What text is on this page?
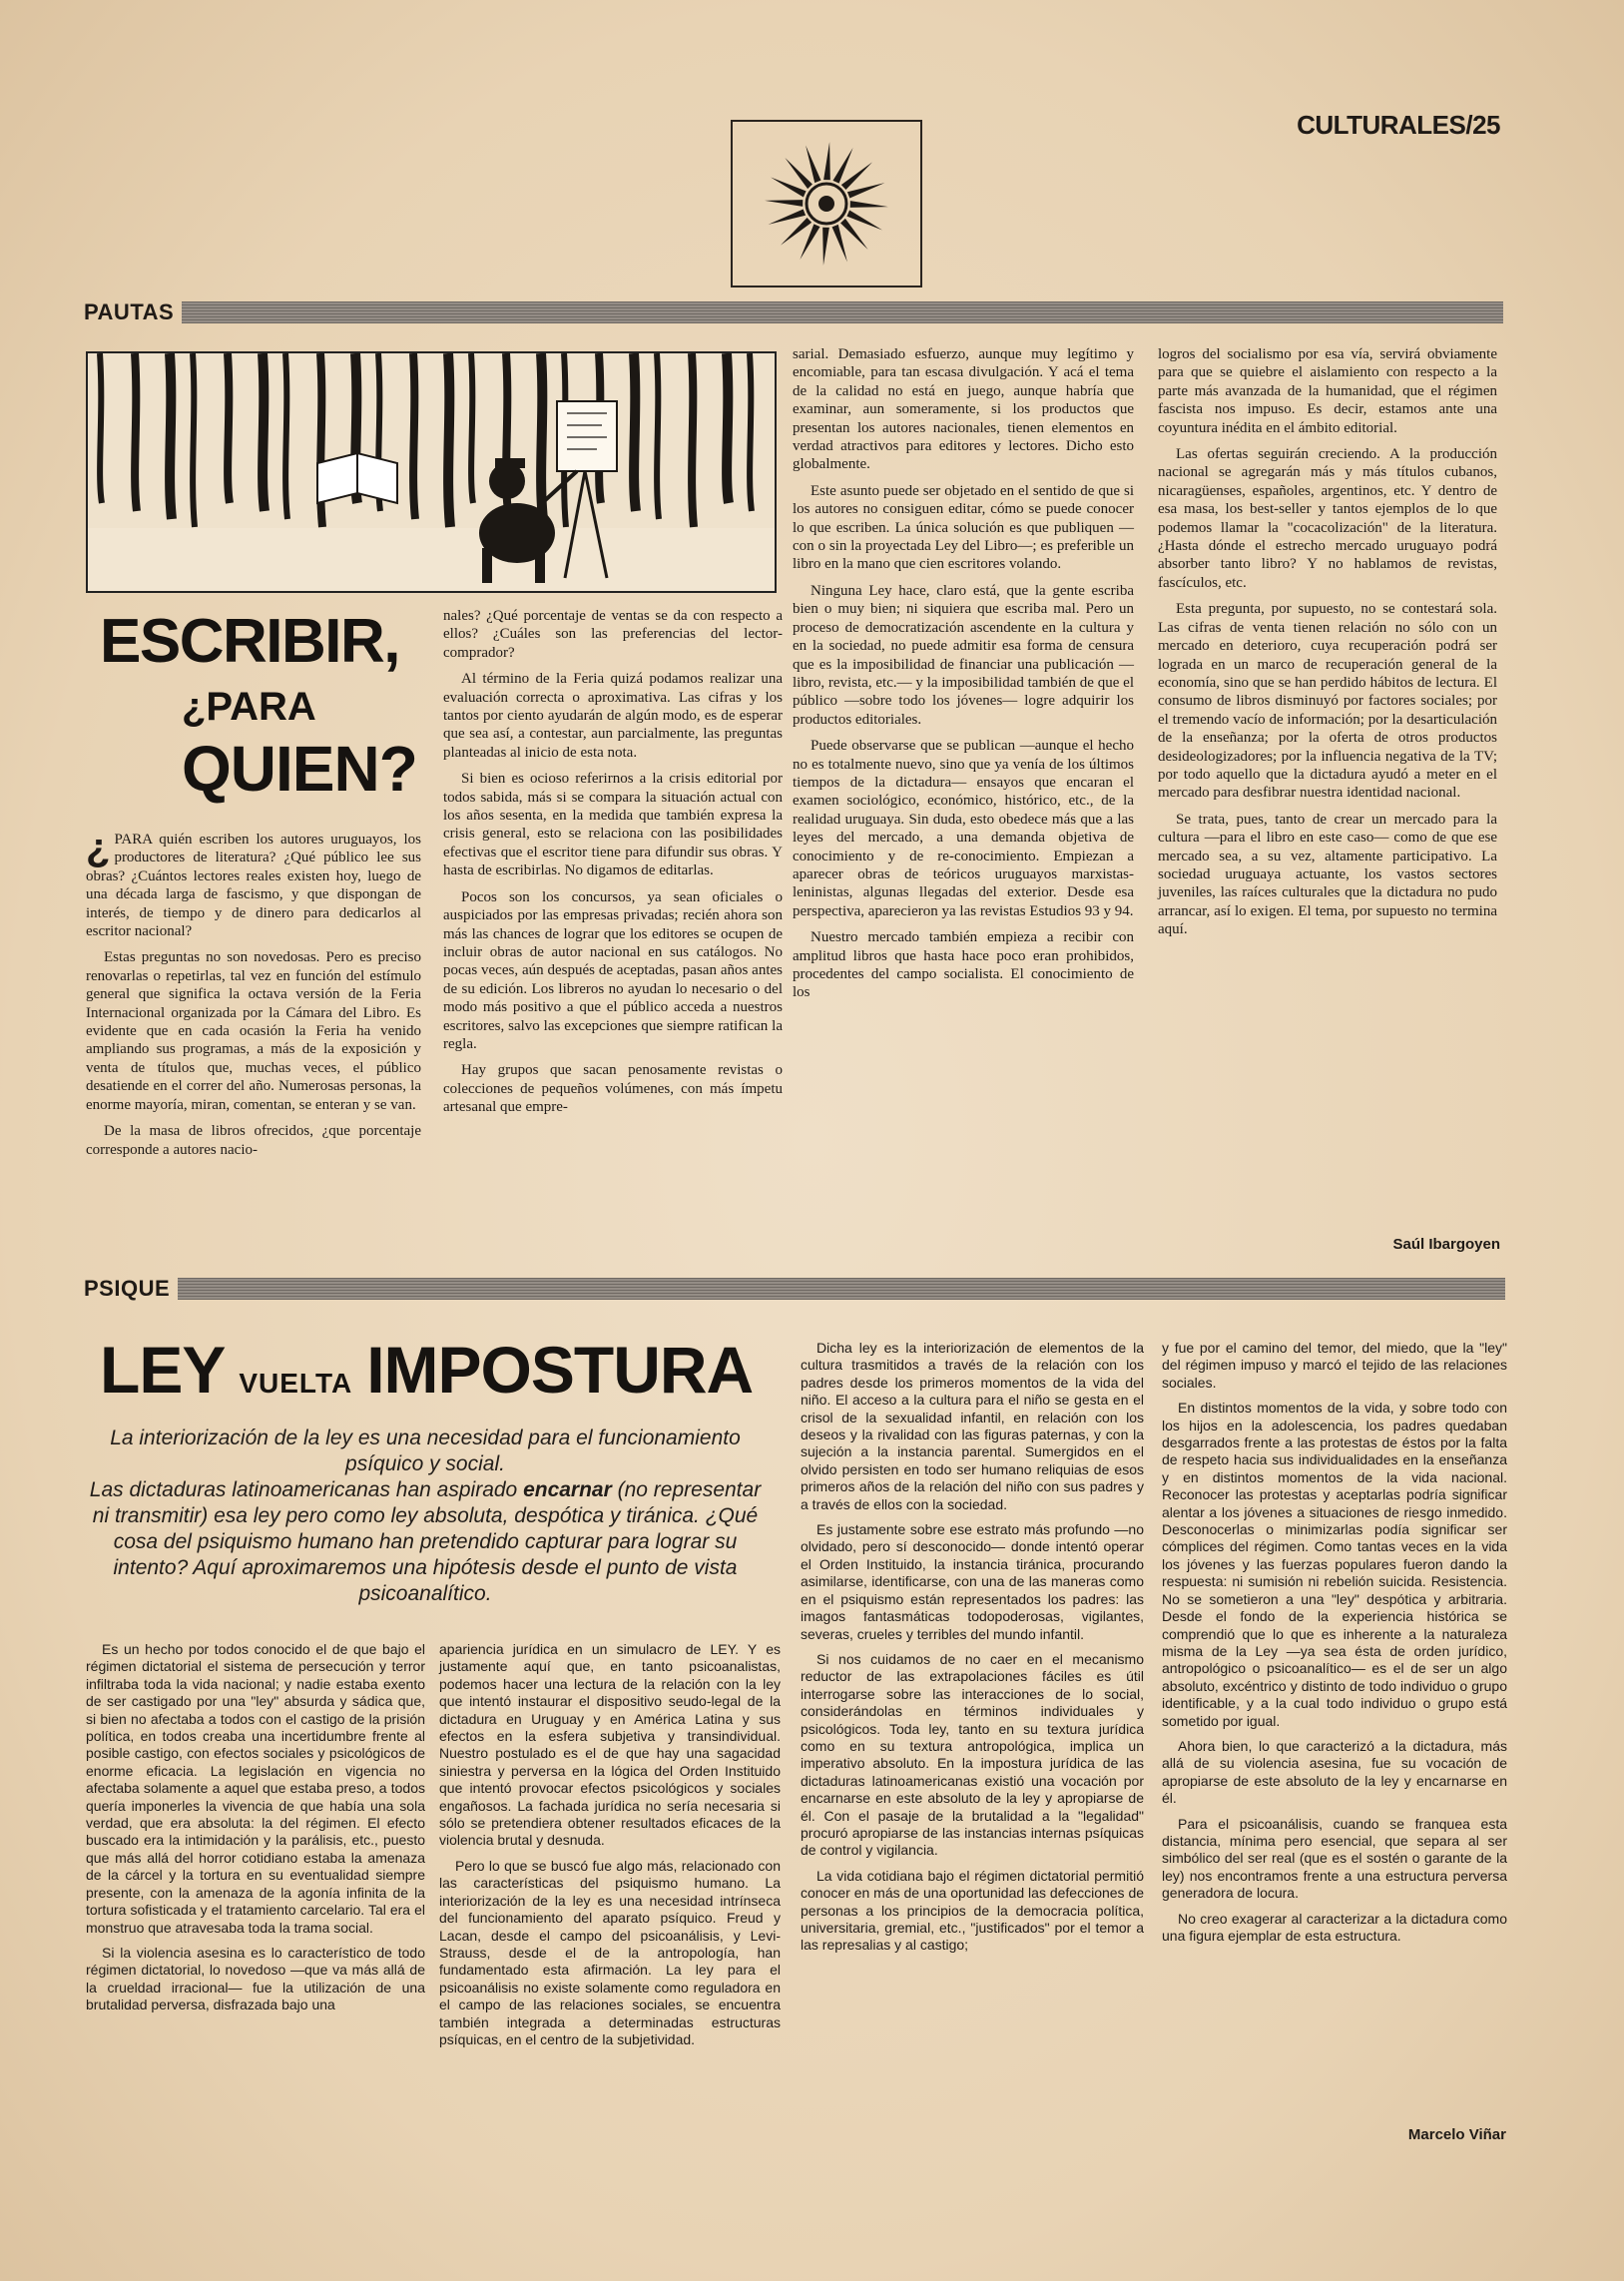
CULTURALES/25
PAUTAS
ESCRIBIR,
¿PARA
QUIEN?

¿ PARA quién escriben los autores uruguayos, los productores de literatura? ¿Qué público lee sus obras? ¿Cuántos lectores reales existen hoy, luego de una década larga de fascismo, y que dispongan de interés, de tiempo y de dinero para dedicarlos al escritor nacional?

Estas preguntas no son novedosas. Pero es preciso renovarlas o repetirlas, tal vez en función del estímulo general que significa la octava versión de la Feria Internacional organizada por la Cámara del Libro. Es evidente que en cada ocasión la Feria ha venido ampliando sus programas, a más de la exposición y venta de títulos que, muchas veces, el público desatiende en el correr del año. Numerosas personas, la enorme mayoría, miran, comentan, se enteran y se van.

De la masa de libros ofrecidos, ¿que porcentaje corresponde a autores nacio-

nales? ¿Qué porcentaje de ventas se da con respecto a ellos? ¿Cuáles son las preferencias del lector-comprador?

Al término de la Feria quizá podamos realizar una evaluación correcta o aproximativa. Las cifras y los tantos por ciento ayudarán de algún modo, es de esperar que sea así, a contestar, aun parcialmente, las preguntas planteadas al inicio de esta nota.

Si bien es ocioso referirnos a la crisis editorial por todos sabida, más si se compara la situación actual con los años sesenta, en la medida que también expresa la crisis general, esto se relaciona con las posibilidades efectivas que el escritor tiene para difundir sus obras. Y hasta de escribirlas. No digamos de editarlas.

Pocos son los concursos, ya sean oficiales o auspiciados por las empresas privadas; recién ahora son más las chances de lograr que los editores se ocupen de incluir obras de autor nacional en sus catálogos. No pocas veces, aún después de aceptadas, pasan años antes de su edición. Los libreros no ayudan lo necesario o del modo más positivo a que el público acceda a nuestros escritores, salvo las excepciones que siempre ratifican la regla.

Hay grupos que sacan penosamente revistas o colecciones de pequeños volúmenes, con más ímpetu artesanal que empre-

sarial. Demasiado esfuerzo, aunque muy legítimo y encomiable, para tan escasa divulgación. Y acá el tema de la calidad no está en juego, aunque habría que examinar, aun someramente, si los productos que presentan los autores nacionales, tienen elementos en verdad atractivos para editores y lectores. Dicho esto globalmente.

Este asunto puede ser objetado en el sentido de que si los autores no consiguen editar, cómo se puede conocer lo que escriben. La única solución es que publiquen —con o sin la proyectada Ley del Libro—; es preferible un libro en la mano que cien escritores volando.

Ninguna Ley hace, claro está, que la gente escriba bien o muy bien; ni siquiera que escriba mal. Pero un proceso de democratización ascendente en la cultura y en la sociedad, no puede admitir esa forma de censura que es la imposibilidad de financiar una publicación —libro, revista, etc.— y la imposibilidad también de que el público —sobre todo los jóvenes— logre adquirir los productos editoriales.

Puede observarse que se publican —aunque el hecho no es totalmente nuevo, sino que ya venía de los últimos tiempos de la dictadura— ensayos que encaran el examen sociológico, económico, histórico, etc., de la realidad uruguaya. Sin duda, esto obedece más que a las leyes del mercado, a una demanda objetiva de conocimiento y de re-conocimiento. Empiezan a aparecer obras de teóricos uruguayos marxistas-leninistas, algunas llegadas del exterior. Desde esa perspectiva, aparecieron ya las revistas Estudios 93 y 94.

Nuestro mercado también empieza a recibir con amplitud libros que hasta hace poco eran prohibidos, procedentes del campo socialista. El conocimiento de los

logros del socialismo por esa vía, servirá obviamente para que se quiebre el aislamiento con respecto a la parte más avanzada de la humanidad, que el régimen fascista nos impuso. Es decir, estamos ante una coyuntura inédita en el ámbito editorial.

Las ofertas seguirán creciendo. A la producción nacional se agregarán más y más títulos cubanos, nicaragüenses, españoles, argentinos, etc. Y dentro de esa masa, los best-seller y tantos ejemplos de lo que podemos llamar la "cocacolización" de la literatura. ¿Hasta dónde el estrecho mercado uruguayo podrá absorber tanto libro? Y no hablamos de revistas, fascículos, etc.

Esta pregunta, por supuesto, no se contestará sola. Las cifras de venta tienen relación no sólo con un mercado en deterioro, cuya recuperación podrá ser lograda en un marco de recuperación general de la economía, sino que se han perdido hábitos de lectura. El consumo de libros disminuyó por factores sociales; por el tremendo vacío de información; por la desarticulación de la enseñanza; por la oferta de otros productos desideologizadores; por la influencia negativa de la TV; por todo aquello que la dictadura ayudó a meter en el mercado para desfibrar nuestra identidad nacional.

Se trata, pues, tanto de crear un mercado para la cultura —para el libro en este caso— como de que ese mercado sea, a su vez, altamente participativo. La sociedad uruguaya actuante, los vastos sectores juveniles, las raíces culturales que la dictadura no pudo arrancar, así lo exigen. El tema, por supuesto no termina aquí.

Saúl Ibargoyen
PSIQUE
LEY VUELTA IMPOSTURA
La interiorización de la ley es una necesidad para el funcionamiento psíquico y social.
Las dictaduras latinoamericanas han aspirado encarnar (no representar ni transmitir) esa ley pero como ley absoluta, despótica y tiránica. ¿Qué cosa del psiquismo humano han pretendido capturar para lograr su intento? Aquí aproximaremos una hipótesis desde el punto de vista psicoanalítico.

Es un hecho por todos conocido el de que bajo el régimen dictatorial el sistema de persecución y terror infiltraba toda la vida nacional; y nadie estaba exento de ser castigado por una "ley" absurda y sádica que, si bien no afectaba a todos con el castigo de la prisión política, en todos creaba una incertidumbre frente al posible castigo, con efectos sociales y psicológicos de enorme eficacia. La legislación en vigencia no afectaba solamente a aquel que estaba preso, a todos quería imponerles la vivencia de que había una sola verdad, que era absoluta: la del régimen. El efecto buscado era la intimidación y la parálisis, etc., puesto que más allá del horror cotidiano estaba la amenaza de la cárcel y la tortura en su eventualidad siempre presente, con la amenaza de la agonía infinita de la tortura sofisticada y el tratamiento carcelario. Tal era el monstruo que atravesaba toda la trama social.

Si la violencia asesina es lo característico de todo régimen dictatorial, lo novedoso —que va más allá de la crueldad irracional— fue la utilización de una brutalidad perversa, disfrazada bajo una

apariencia jurídica en un simulacro de LEY. Y es justamente aquí que, en tanto psicoanalistas, podemos hacer una lectura de la relación con la ley que intentó instaurar el dispositivo seudo-legal de la dictadura en Uruguay y en América Latina y sus efectos en la esfera subjetiva y transindividual. Nuestro postulado es el de que hay una sagacidad siniestra y perversa en la lógica del Orden Instituido que intentó provocar efectos psicológicos y sociales engañosos. La fachada jurídica no sería necesaria si sólo se pretendiera obtener resultados eficaces de la violencia brutal y desnuda.

Pero lo que se buscó fue algo más, relacionado con las características del psiquismo humano. La interiorización de la ley es una necesidad intrínseca del funcionamiento del aparato psíquico. Freud y Lacan, desde el campo del psicoanálisis, y Levi-Strauss, desde el de la antropología, han fundamentado esta afirmación. La ley para el psicoanálisis no existe solamente como reguladora en el campo de las relaciones sociales, se encuentra también integrada a determinadas estructuras psíquicas, en el centro de la subjetividad.

Dicha ley es la interiorización de elementos de la cultura trasmitidos a través de la relación con los padres desde los primeros momentos de la vida del niño. El acceso a la cultura para el niño se gesta en el crisol de la sexualidad infantil, en relación con los deseos y la rivalidad con las figuras paternas, y con la sujeción a la instancia parental. Sumergidos en el olvido persisten en todo ser humano reliquias de esos primeros años de la relación del niño con sus padres y a través de ellos con la sociedad.

Es justamente sobre ese estrato más profundo —no olvidado, pero sí desconocido— donde intentó operar el Orden Instituido, la instancia tiránica, procurando asimilarse, identificarse, con una de las maneras como en el psiquismo están representados los padres: las imagos fantasmáticas todopoderosas, vigilantes, severas, crueles y terribles del mundo infantil.

Si nos cuidamos de no caer en el mecanismo reductor de las extrapolaciones fáciles es útil interrogarse sobre las interacciones de lo social, considerándolas en términos individuales y psicológicos. Toda ley, tanto en su textura jurídica como en su textura antropológica, implica un imperativo absoluto. En la impostura jurídica de las dictaduras latinoamericanas existió una vocación por encarnarse en este absoluto de la ley y apropiarse de él. Con el pasaje de la brutalidad a la "legalidad" procuró apropiarse de las instancias internas psíquicas de control y vigilancia.

La vida cotidiana bajo el régimen dictatorial permitió conocer en más de una oportunidad las defecciones de personas a los principios de la democracia política, universitaria, gremial, etc., "justificados" por el temor a las represalias y al castigo;

y fue por el camino del temor, del miedo, que la "ley" del régimen impuso y marcó el tejido de las relaciones sociales.

En distintos momentos de la vida, y sobre todo con los hijos en la adolescencia, los padres quedaban desgarrados frente a las protestas de éstos por la falta de respeto hacia sus individualidades en la enseñanza y en distintos momentos de la vida nacional. Reconocer las protestas y aceptarlas podría significar alentar a los jóvenes a situaciones de riesgo inmedido. Desconocerlas o minimizarlas podía significar ser cómplices del régimen. Como tantas veces en la vida los jóvenes y las fuerzas populares fueron dando la respuesta: ni sumisión ni rebelión suicida. Resistencia. No se sometieron a una "ley" despótica y arbitraria. Desde el fondo de la experiencia histórica se comprendió que lo que es inherente a la naturaleza misma de la Ley —ya sea ésta de orden jurídico, antropológico o psicoanalítico— es el de ser un algo absoluto, excéntrico y distinto de todo individuo o grupo identificable, y a la cual todo individuo o grupo está sometido por igual.

Ahora bien, lo que caracterizó a la dictadura, más allá de su violencia asesina, fue su vocación de apropiarse de este absoluto de la ley y encarnarse en él.

Para el psicoanálisis, cuando se franquea esta distancia, mínima pero esencial, que separa al ser simbólico del ser real (que es el sostén o garante de la ley) nos encontramos frente a una estructura perversa generadora de locura.

No creo exagerar al caracterizar a la dictadura como una figura ejemplar de esta estructura.

Marcelo Viñar
